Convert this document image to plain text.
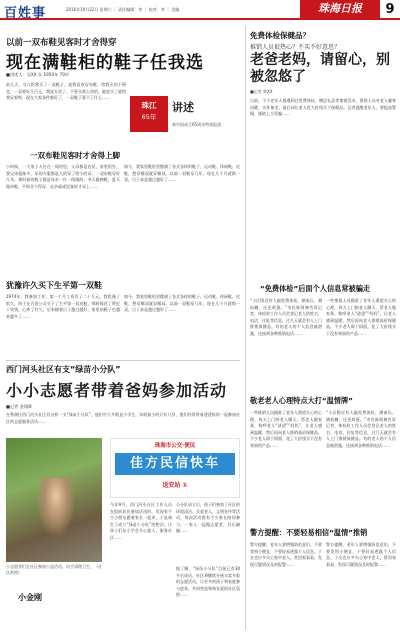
百姓事	2016年10月22日 星期六 ｜ 责任编辑：李 ｜ 校对：李 ｜ 美编	珠海日报	9
以前一双布鞋见客时才舍得穿
现在满鞋柜的鞋子任我选
■讲述人：吴XX 女 1950年 70岁
前几天，女儿给我买了一双鞋子，说我喜欢穿布鞋，给我买的不便宜，一双要好几百元。我说太贵了，不要买那么贵的。她说买了就给我穿着呗，现在大家条件都好了，一双鞋子算不了什么……
珠江
65年
讲述
新中国成立65周年特别报道
一双布鞋见客时才舍得上脚
小时候，一大家子人住在一间房里，父母都是农民，家里很穷。我兄弟姐妹多，穿的衣服都是大的穿了给小的穿，一双布鞋穿好几年。那时候的鞋子都是母亲一针一线缝的，冬天做棉鞋，夏天做单鞋，平时舍不得穿，走亲戚或见客时才穿上……
如今，我家里鞋柜里摆满了各式各样的鞋子，运动鞋、休闲鞋、皮鞋，想穿哪双就穿哪双。以前一双鞋穿几年，现在几个月就换一双，日子真是越过越好了……
犹豫许久买下生平第一双鞋
1974年，我参加工作，第一个月工资发了二十几元。我犹豫了很久，终于在百货公司买下了生平第一双皮鞋，那时候花了将近十块钱，心疼了好久。后来随着日子越过越好，家里的鞋子也越来越多了……
如今，我家里鞋柜里摆满了各式各样的鞋子，运动鞋、休闲鞋、皮鞋，想穿哪双就穿哪双。以前一双鞋穿几年，现在几个月就换一双，日子真是越过越好了……
西门河头社区有支“绿苗小分队”
小小志愿者带着爸妈参加活动
■记者 金翔晖
在香洲区西门河头社区有这样一支“绿苗小分队”，他们中大多数是小学生，年龄最小的只有几岁，他们经常带着爸爸妈妈一起参加社区的志愿服务活动……
小志愿者们在社区参加公益活动，动手清理卫生。（社区供图）
小金刚
珠海市公交·便民
佳方民信快车
送安站 ①
今年9月，西门河头社区工作人员在组织居民参加活动时，发现有不少小朋友跟着家长一起来，于是萌生了成立“绿苗小分队”的想法，让孩子们从小学会关心他人、服务社区……
小分队成立后，孩子们参加了社区的环境清洁、关爱老人、文明宣传等活动，每次活动都有不少家长陪同参与，一家人一起做志愿者，其乐融融……
据了解，“绿苗小分队”目前已有30多名成员，社区将继续开展丰富多彩的志愿活动，让更多的孩子和家庭参与进来，共同营造和谐友爱的社区氛围……
免费体检保健品？
推销人员很热心？不买不好意思？
老爸老妈，请留心，别被忽悠了
■记者 林XX
日前，不少老年人都遇到过免费体检、赠送礼品等推销活动，推销人员对老人嘘寒问暖，关怀备至，最后却让老人花大价钱买下保健品。记者提醒老年人，要提高警惕，谨防上当受骗……
“免费体检”后面个人信息常被骗走
“小区附近有人搞免费体检，测血压、测血糖，还送鸡蛋。”市民陈阿姨告诉记者，体检时工作人员会登记老人的姓名、电话、住址等信息，过几天就会有人上门推销保健品。有的老人的个人信息被泄露，还接到各种推销电话……
一些推销人员摸准了老年人渴望关心的心理，每天上门陪老人聊天、帮老人做家务，称呼老人“爸爸”“妈妈”，让老人感到温暖，然后再向老人推销高价保健品。不少老人碍于情面，花了大价钱买下没有效果的产品……
敬老老人心理特点大打“温情牌”
一些推销人员摸准了老年人渴望关心的心理，每天上门陪老人聊天、帮老人做家务，称呼老人“爸爸”“妈妈”，让老人感到温暖，然后再向老人推销高价保健品。不少老人碍于情面，花了大价钱买下没有效果的产品……
“小区附近有人搞免费体检，测血压、测血糖，还送鸡蛋。”市民陈阿姨告诉记者，体检时工作人员会登记老人的姓名、电话、住址等信息，过几天就会有人上门推销保健品。有的老人的个人信息被泄露，还接到各种推销电话……
警方提醒：不要轻易相信“温情”推销
警方提醒，老年人要增强防范意识，不要贪图小便宜，不要轻易透露个人信息。子女也应多关心家中老人，常回家看看，发现可疑情况及时报警……
警方提醒，老年人要增强防范意识，不要贪图小便宜，不要轻易透露个人信息。子女也应多关心家中老人，常回家看看，发现可疑情况及时报警……
